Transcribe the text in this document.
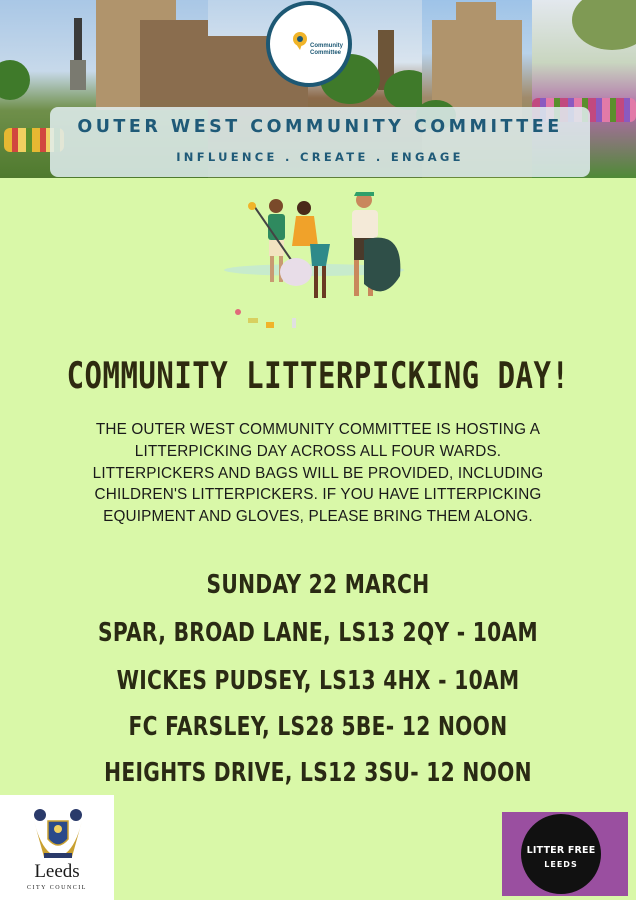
Community Committee

OUTER WEST COMMUNITY COMMITTEE

INFLUENCE . CREATE . ENGAGE

COMMUNITY LITTERPICKING DAY!
THE OUTER WEST COMMUNITY COMMITTEE IS HOSTING A
LITTERPICKING DAY ACROSS ALL FOUR WARDS.
LITTERPICKERS AND BAGS WILL BE PROVIDED, INCLUDING
CHILDREN'S LITTERPICKERS. IF YOU HAVE LITTERPICKING
EQUIPMENT AND GLOVES, PLEASE BRING THEM ALONG.

SUNDAY 22 MARCH

SPAR, BROAD LANE, LS13 2QY - 10AM

WICKES PUDSEY, LS13 4HX - 10AM

FC FARSLEY, LS28 5BE- 12 NOON

HEIGHTS DRIVE, LS12 3SU- 12 NOON

Leeds

CITY COUNCIL

LITTER FREE

LEEDS
